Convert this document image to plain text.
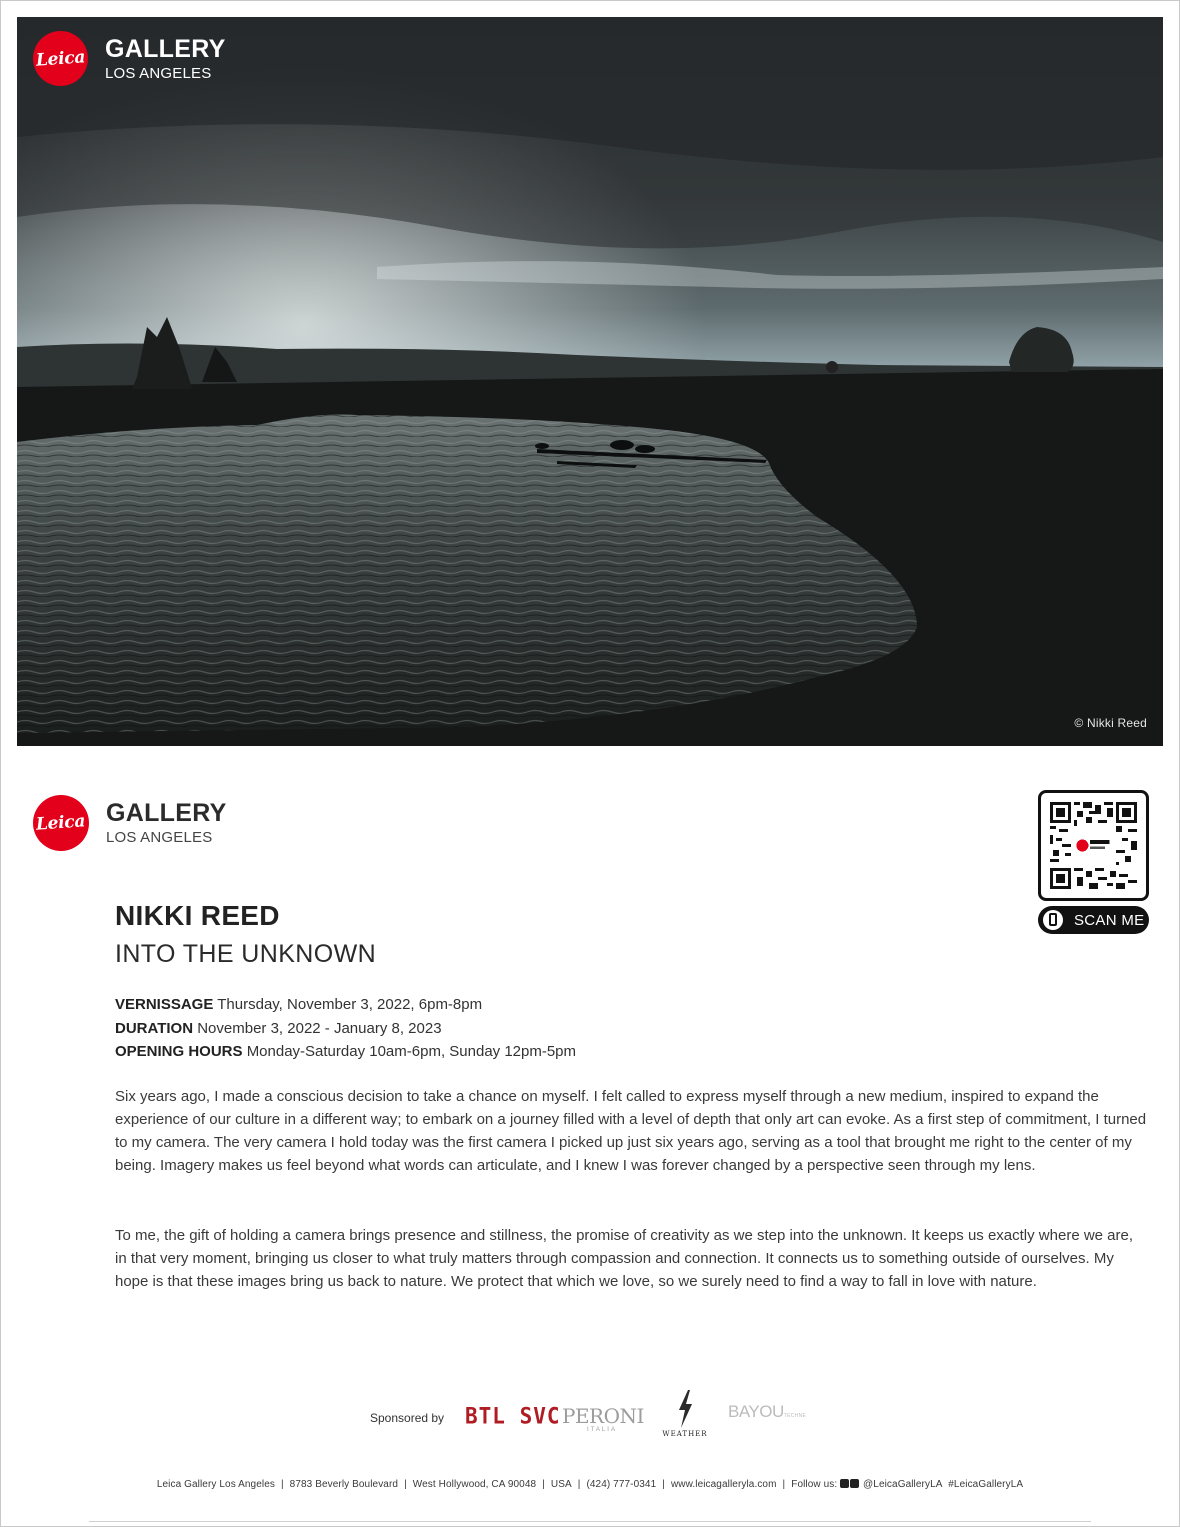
© Nikki Reed
Leica GALLERY
LOS ANGELES
Leica GALLERY
LOS ANGELES
SCAN ME
NIKKI REED
INTO THE UNKNOWN
VERNISSAGE Thursday, November 3, 2022, 6pm-8pm
DURATION November 3, 2022 - January 8, 2023
OPENING HOURS Monday-Saturday 10am-6pm, Sunday 12pm-5pm

Six years ago, I made a conscious decision to take a chance on myself. I felt called to express myself through a new medium, inspired to expand the experience of our culture in a different way; to embark on a journey filled with a level of depth that only art can evoke. As a first step of commitment, I turned to my camera. The very camera I hold today was the first camera I picked up just six years ago, serving as a tool that brought me right to the center of my being. Imagery makes us feel beyond what words can articulate, and I knew I was forever changed by a perspective seen through my lens.

To me, the gift of holding a camera brings presence and stillness, the promise of creativity as we step into the unknown. It keeps us exactly where we are, in that very moment, bringing us closer to what truly matters through compassion and connection. It connects us to something outside of ourselves. My hope is that these images bring us back to nature. We protect that which we love, so we surely need to find a way to fall in love with nature.

Sponsored by BTL SVC PERONI
ITALIA	WEATHER
BAYOUTECHNE
Leica Gallery Los Angeles | 8783 Beverly Boulevard | West Hollywood, CA 90048 | USA | (424) 777-0341 | www.leicagalleryla.com | Follow us:	@LeicaGalleryLA #LeicaGalleryLA
